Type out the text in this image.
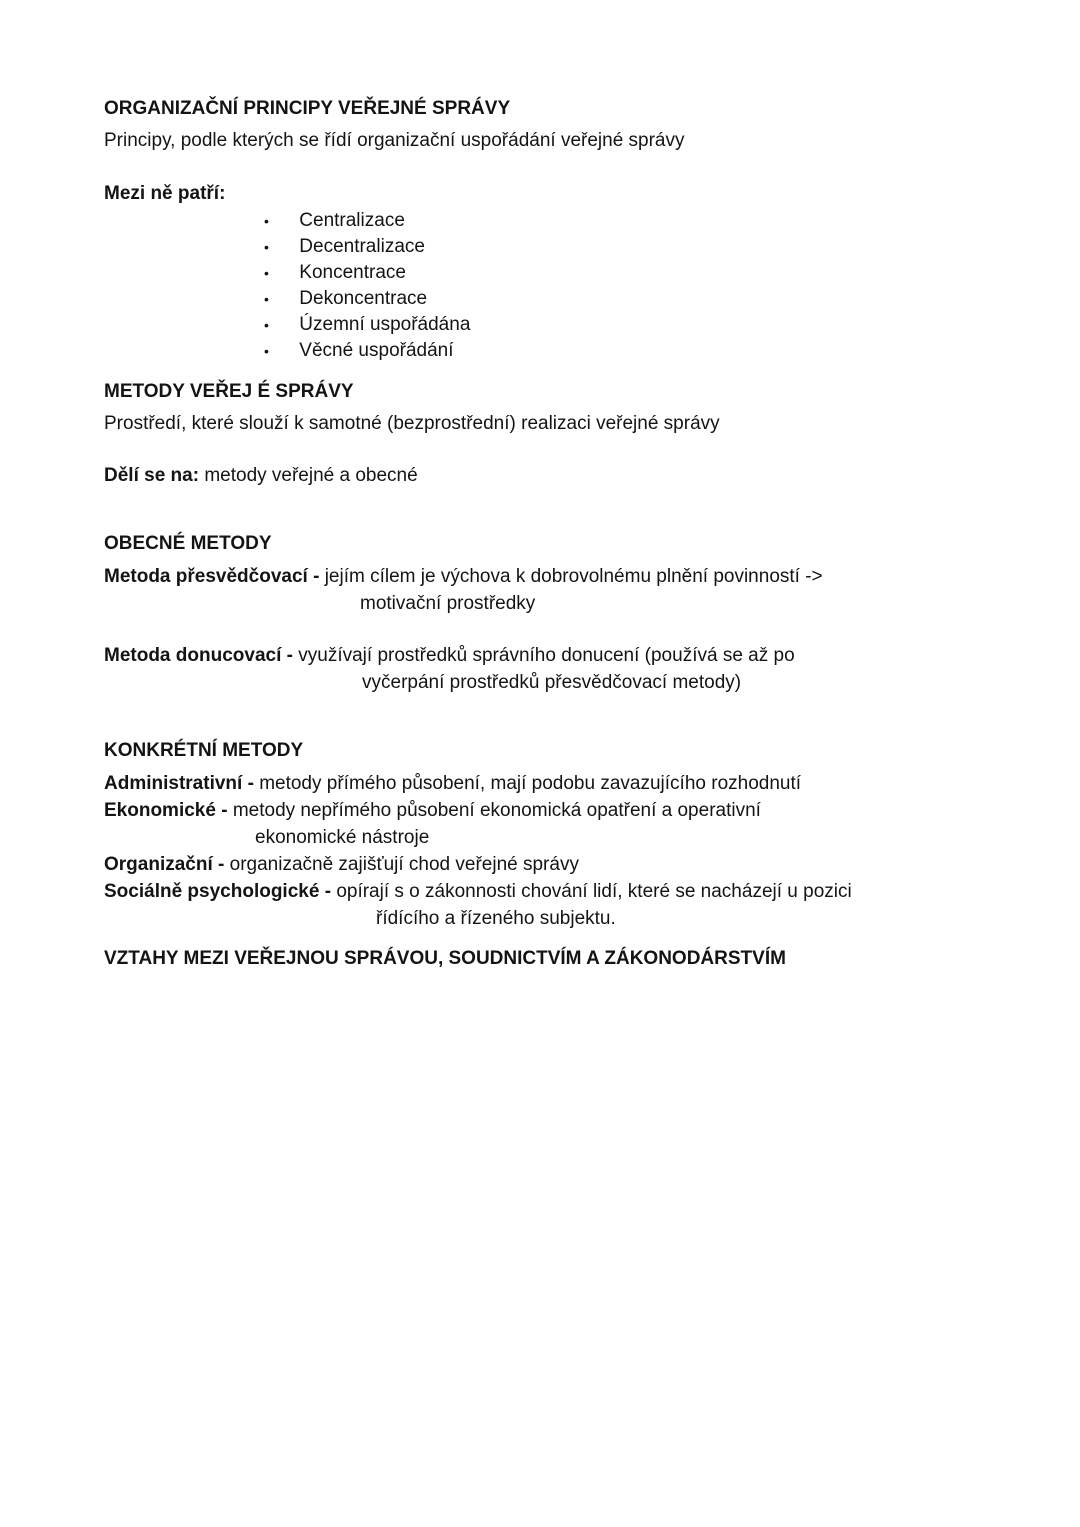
ORGANIZAČNÍ PRINCIPY VEŘEJNÉ SPRÁVY

Principy, podle kterých se řídí organizační uspořádání veřejné správy

Mezi ně patří:

• Centralizace
• Decentralizace
• Koncentrace
• Dekoncentrace
• Územní uspořádána
• Věcné uspořádání
METODY VEŘEJ É SPRÁVY

Prostředí, které slouží k samotné (bezprostřední) realizaci veřejné správy

Dělí se na: metody veřejné a obecné

OBECNÉ METODY

Metoda přesvědčovací - jejím cílem je výchova k dobrovolnému plnění povinností ->

motivační prostředky

Metoda donucovací - využívají prostředků správního donucení (používá se až po

vyčerpání prostředků přesvědčovací metody)

KONKRÉTNÍ METODY

Administrativní - metody přímého působení, mají podobu zavazujícího rozhodnutí

Ekonomické - metody nepřímého působení ekonomická opatření a operativní

ekonomické nástroje

Organizační - organizačně zajišťují chod veřejné správy

Sociálně psychologické - opírají s o zákonnosti chování lidí, které se nacházejí u pozici

řídícího a řízeného subjektu.

VZTAHY MEZI VEŘEJNOU SPRÁVOU, SOUDNICTVÍM A ZÁKONODÁRSTVÍM
